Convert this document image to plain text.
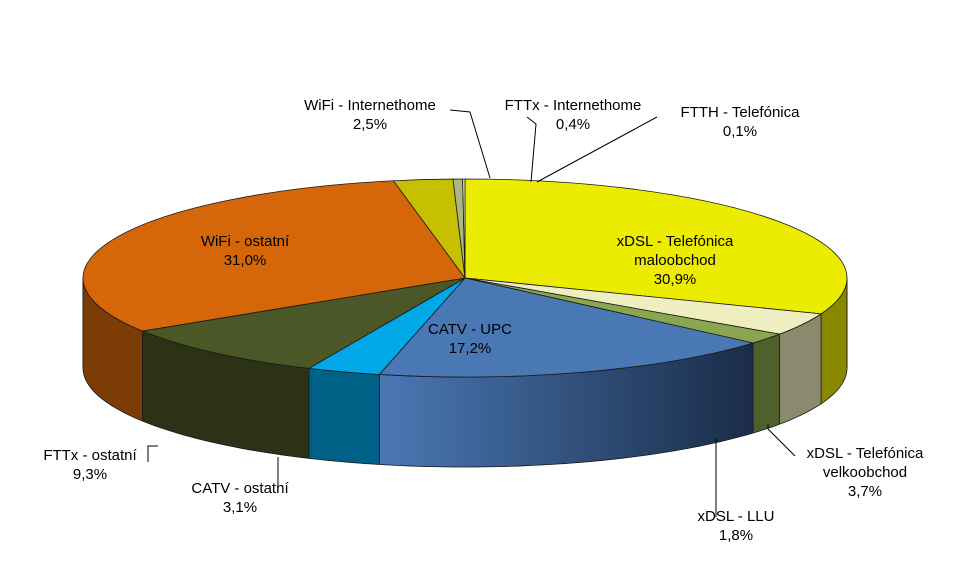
xDSL - Telefónica
maloobchod
30,9%
xDSL - Telefónica
velkoobchod
3,7%
xDSL - LLU
1,8%
CATV - UPC
17,2%
CATV - ostatní
3,1%
FTTx - ostatní
9,3%
WiFi - ostatní
31,0%
WiFi - Internethome
2,5%
FTTx - Internethome
0,4%
FTTH - Telefónica
0,1%
